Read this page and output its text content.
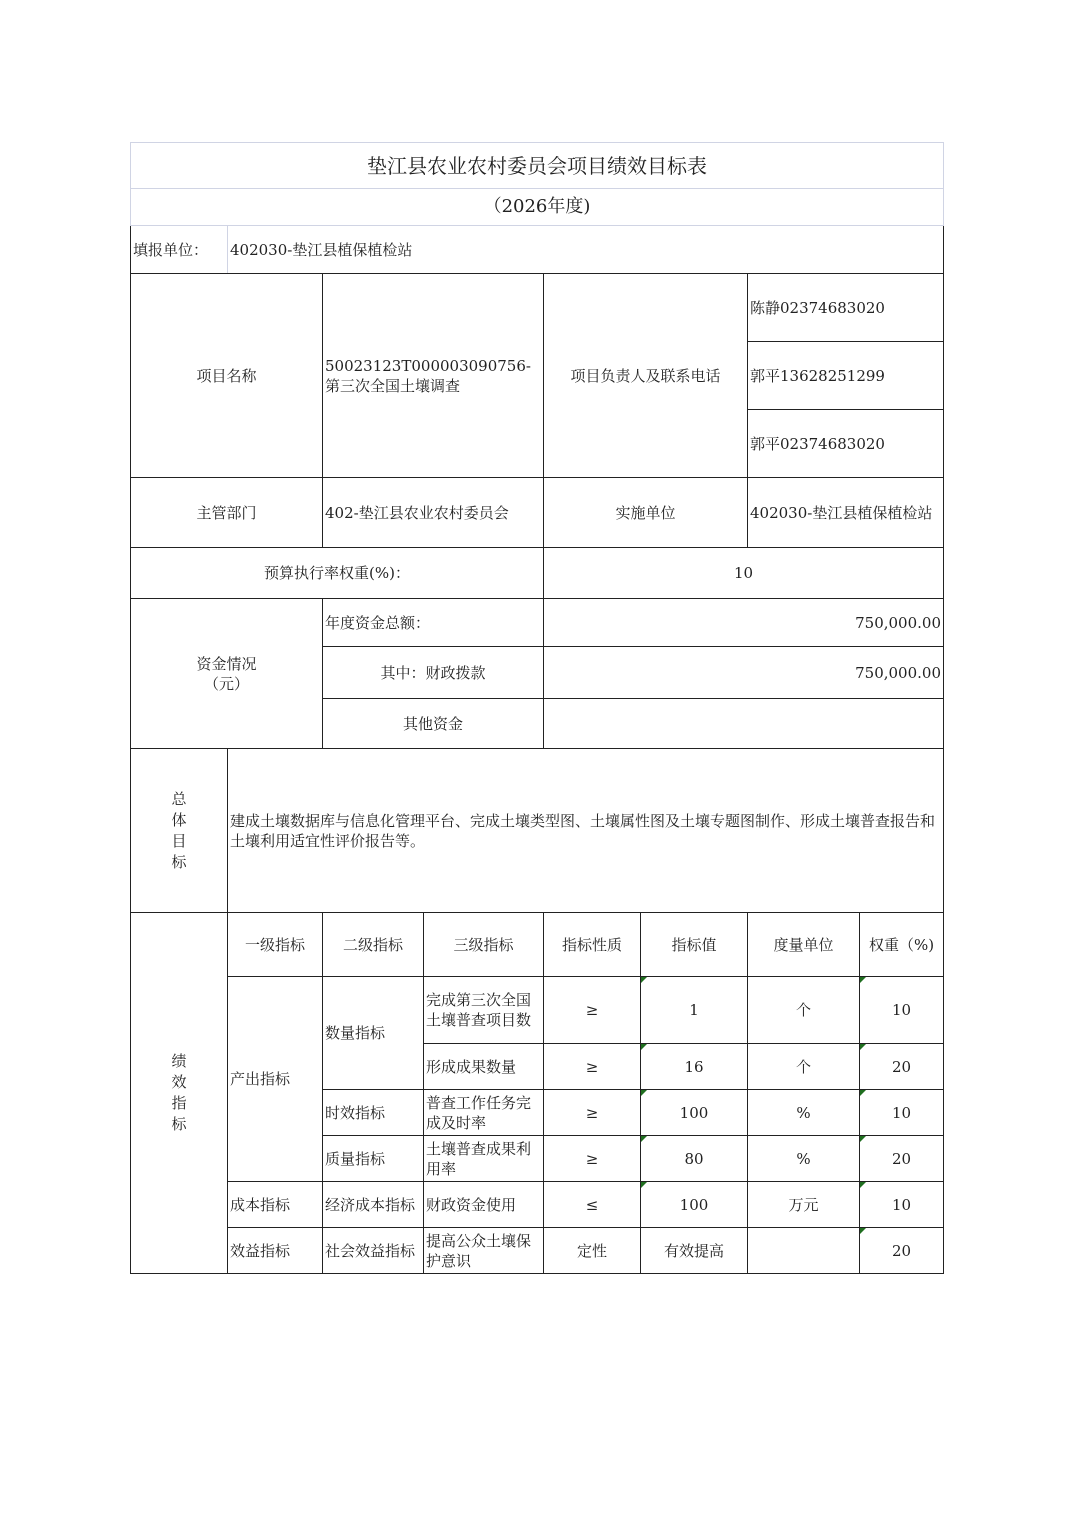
垫江县农业农村委员会项目绩效目标表							
（2026年度)							
填报单位：	402030-垫江县植保植检站						
项目名称		50023123T000003090756-第三次全国土壤调查		项目负责人及联系电话		陈静02374683020	
						郭平13628251299	
						郭平02374683020	
主管部门		402-垫江县农业农村委员会		实施单位		402030-垫江县植保植检站	
预算执行率权重(%)：				10			

资金情况
（元）		年度资金总额：		750,000.00			
		其中：财政拨款		750,000.00			
		其他资金					

总体目标	建成土壤数据库与信息化管理平台、完成土壤类型图、土壤属性图及土壤专题图制作、形成土壤普查报告和土壤利用适宜性评价报告等。						

绩效指标	一级指标	二级指标	三级指标	指标性质	指标值	度量单位	权重（%)
	产出指标	数量指标	完成第三次全国土壤普查项目数	≥	1	个	10
			形成成果数量	≥	16	个	20
		时效指标	普查工作任务完成及时率	≥	100	%	10
		质量指标	土壤普查成果利用率	≥	80	%	20
	成本指标	经济成本指标	财政资金使用	≤	100	万元	10
	效益指标	社会效益指标	提高公众土壤保护意识	定性	有效提高		20
